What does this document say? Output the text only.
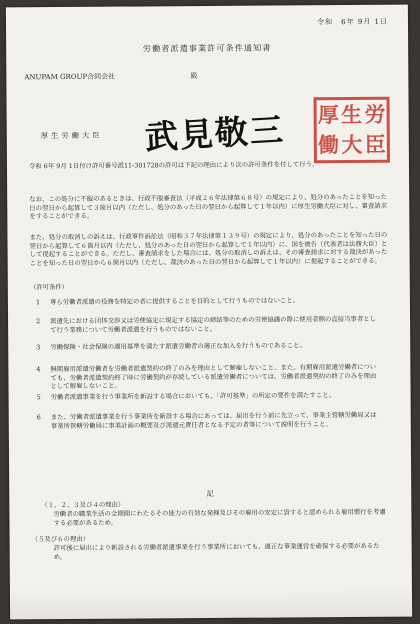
令和　6年 9月 1日
労働者派遣事業許可条件通知書
ANUPAM GROUP合同会社	殿
厚生労働大臣 武見敬三 厚 生 労
働 大 臣
令和 6年 9月 1日付け許可番号派11-301728の許可は下記の理由により次の許可条件を付して行う。
なお、この処分に不服のあるときは、行政不服審査法（平成２６年法律第６８号）の規定により、処分のあったことを知った日の翌日から起算して３箇月以内（ただし、処分のあった日の翌日から起算して１年以内）に厚生労働大臣に対し、審査請求をすることができる。
また、処分の取消しの訴えは、行政事件訴訟法（昭和３７年法律第１３９号）の規定により、処分のあったことを知った日の翌日から起算して６箇月以内（ただし、処分のあった日の翌日から起算して１年以内）に、国を被告（代表者は法務大臣）として提起することができる。ただし、審査請求をした場合には、処分の取消しの訴えは、その審査請求に対する裁決があったことを知った日の翌日から６箇月以内（ただし、裁決のあった日の翌日から起算して１年以内）に提起することができる。
（許可条件）
1 専ら労働者派遣の役務を特定の者に提供することを目的として行うものではないこと。
2 派遣先における団体交渉又は労使協定に規定する協定の締結等のための労使協議の際に使用者側の直接当事者として行う業務について労働者派遣を行うものではないこと。
3 労働保険・社会保険の適用基準を満たす派遣労働者の適正な加入を行うものであること。
4 無期雇用派遣労働者を労働者派遣契約の終了のみを理由として解雇しないこと。また、有期雇用派遣労働者についても、労働者派遣契約終了時に労働契約が存続している派遣労働者については、労働者派遣契約の終了のみを理由として解雇しないこと。
5 労働者派遣事業を行う事業所を新設する場合においても、「許可基準」の所定の要件を満たすこと。
6 また、労働者派遣事業を行う事業所を新設する場合にあっては、届出を行う前に先立って、事業主管轄労働局又は事業所管轄労働局に事業計画の概要及び派遣元責任者となる予定の者等について説明を行うこと。
記
（１、２、３及び４の理由）
労働者の職業生活の全期間にわたるその能力の有効な発揮及びその雇用の安定に資すると認められる雇用慣行を考慮する必要があるため。
（５及び６の理由）
許可後に届出により新設される労働者派遣事業を行う事業所においても、適正な事業運営を確保する必要があるため。
